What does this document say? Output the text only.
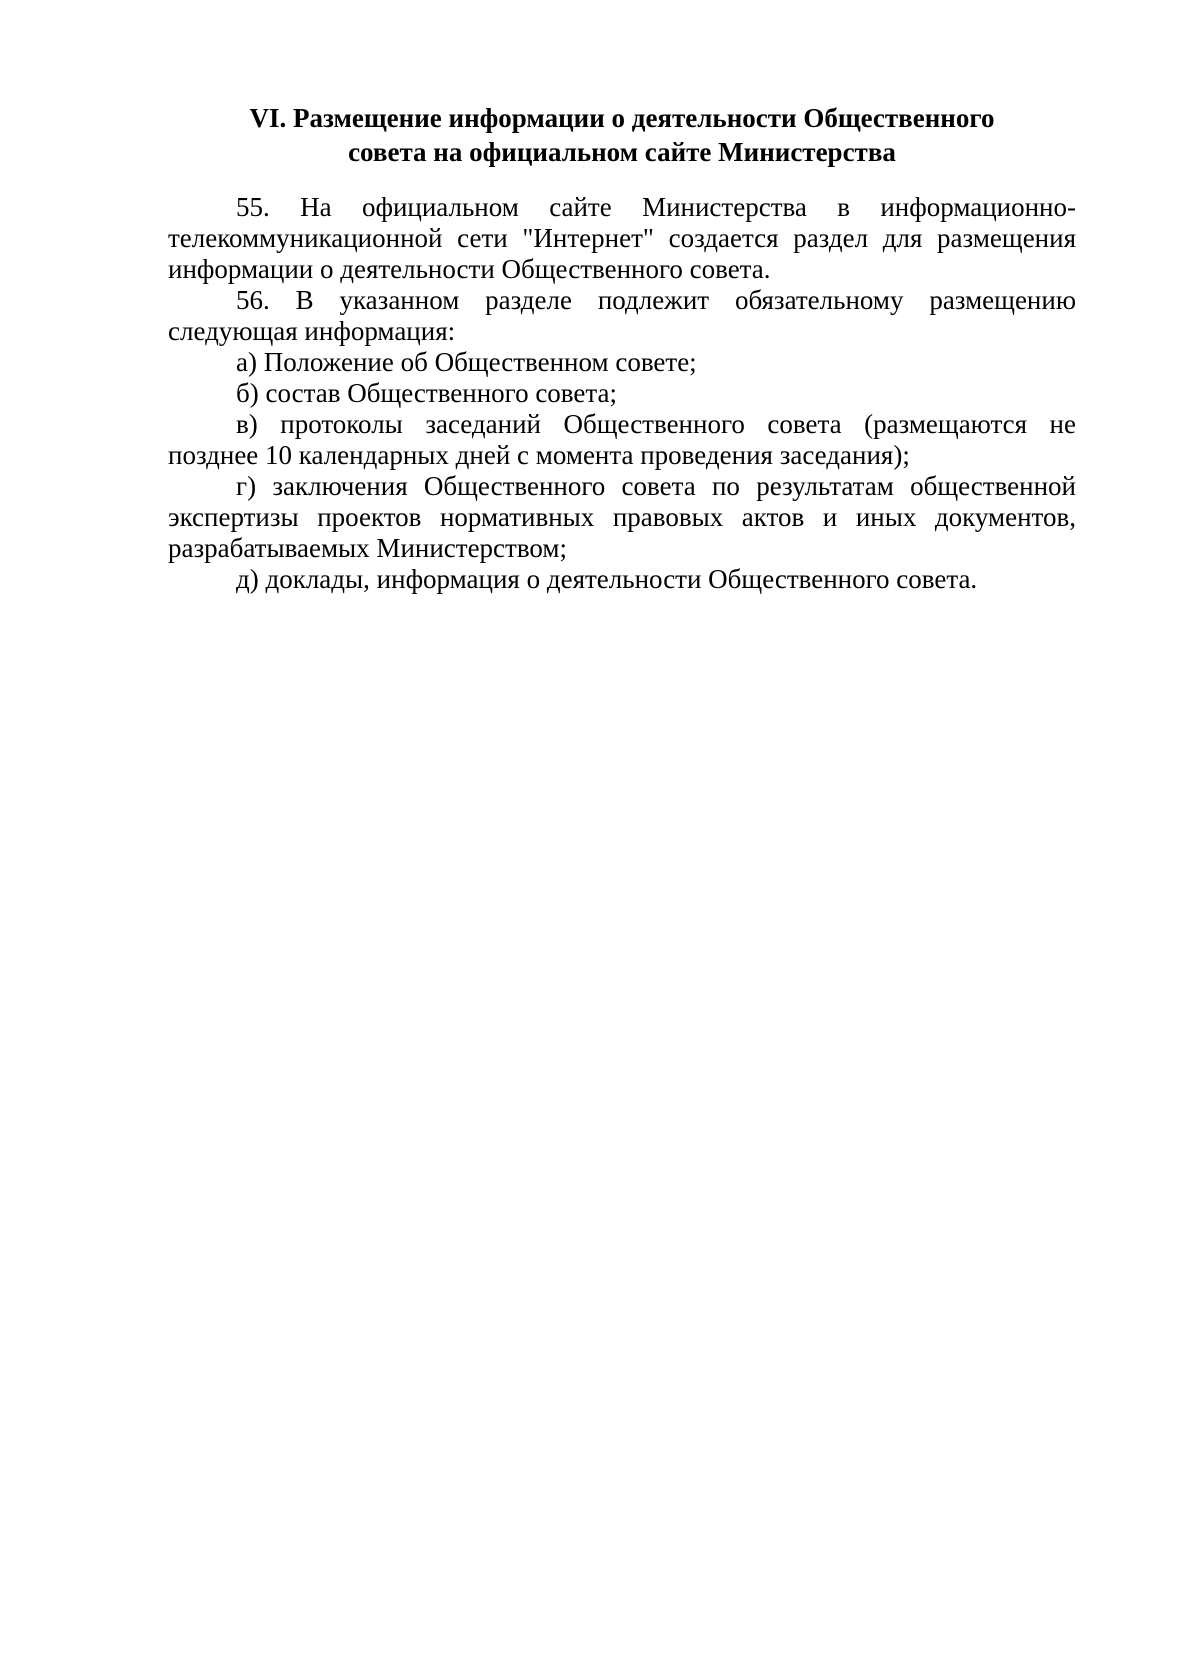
VI. Размещение информации о деятельности Общественного
совета на официальном сайте Министерства

55. На официальном сайте Министерства в информационно-телекоммуникационной сети "Интернет" создается раздел для размещения информации о деятельности Общественного совета.

56. В указанном разделе подлежит обязательному размещению следующая информация:

а) Положение об Общественном совете;

б) состав Общественного совета;

в) протоколы заседаний Общественного совета (размещаются не позднее 10 календарных дней с момента проведения заседания);

г) заключения Общественного совета по результатам общественной экспертизы проектов нормативных правовых актов и иных документов, разрабатываемых Министерством;

д) доклады, информация о деятельности Общественного совета.
